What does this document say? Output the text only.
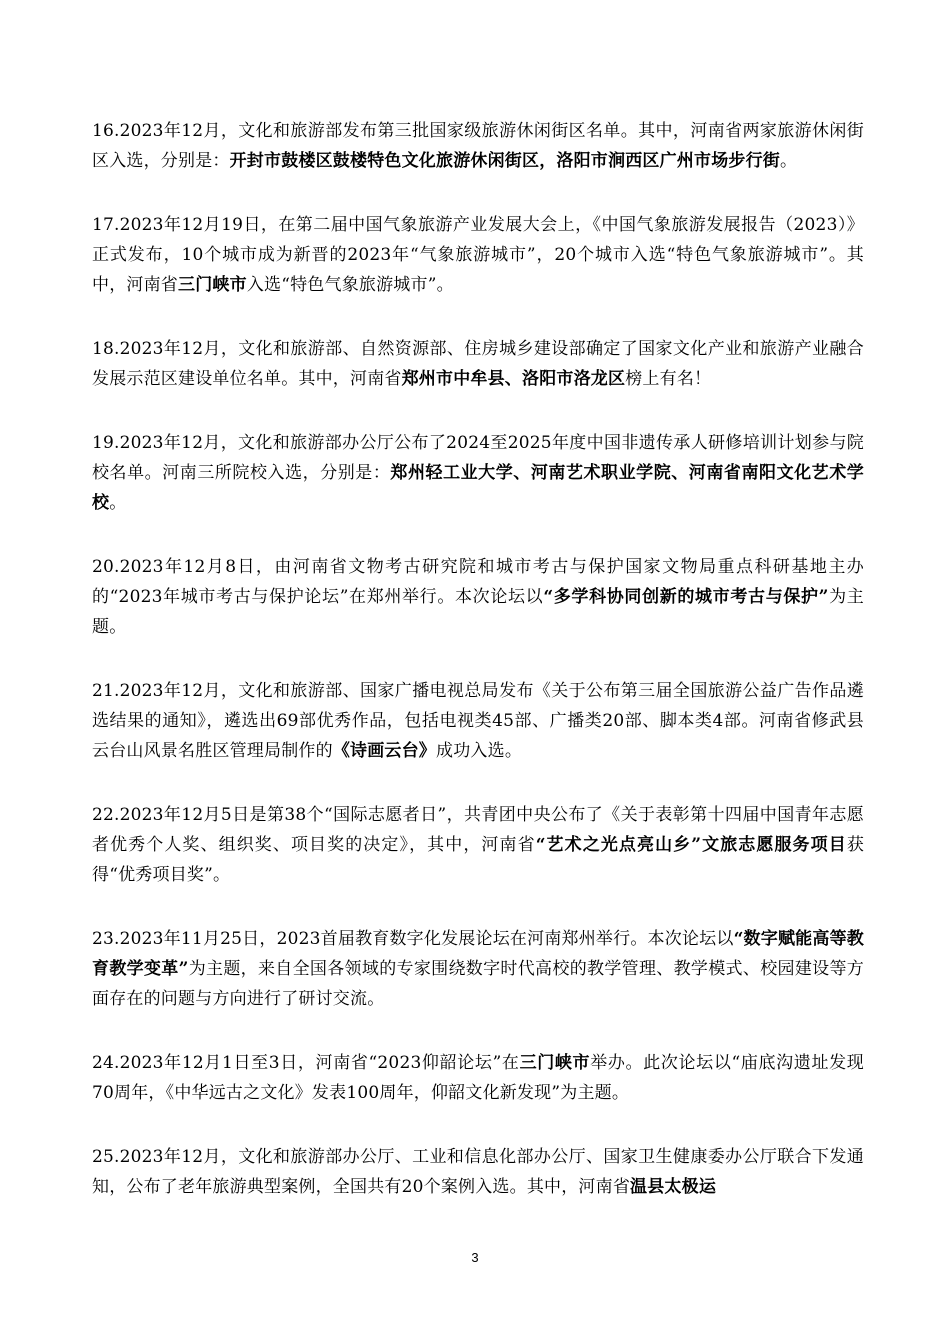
16.2023年12月，文化和旅游部发布第三批国家级旅游休闲街区名单。其中，河南省两家旅游休闲街区入选，分别是：开封市鼓楼区鼓楼特色文化旅游休闲街区，洛阳市涧西区广州市场步行街。

17.2023年12月19日，在第二届中国气象旅游产业发展大会上，《中国气象旅游发展报告（2023）》正式发布，10个城市成为新晋的2023年“气象旅游城市”，20个城市入选“特色气象旅游城市”。其中，河南省三门峡市入选“特色气象旅游城市”。

18.2023年12月，文化和旅游部、自然资源部、住房城乡建设部确定了国家文化产业和旅游产业融合发展示范区建设单位名单。其中，河南省郑州市中牟县、洛阳市洛龙区榜上有名！

19.2023年12月，文化和旅游部办公厅公布了2024至2025年度中国非遗传承人研修培训计划参与院校名单。河南三所院校入选，分别是：郑州轻工业大学、河南艺术职业学院、河南省南阳文化艺术学校。

20.2023年12月8日，由河南省文物考古研究院和城市考古与保护国家文物局重点科研基地主办的“2023年城市考古与保护论坛”在郑州举行。本次论坛以“多学科协同创新的城市考古与保护”为主题。

21.2023年12月，文化和旅游部、国家广播电视总局发布《关于公布第三届全国旅游公益广告作品遴选结果的通知》，遴选出69部优秀作品，包括电视类45部、广播类20部、脚本类4部。河南省修武县云台山风景名胜区管理局制作的《诗画云台》成功入选。

22.2023年12月5日是第38个“国际志愿者日”，共青团中央公布了《关于表彰第十四届中国青年志愿者优秀个人奖、组织奖、项目奖的决定》，其中，河南省“艺术之光点亮山乡”文旅志愿服务项目获得“优秀项目奖”。

23.2023年11月25日，2023首届教育数字化发展论坛在河南郑州举行。本次论坛以“数字赋能高等教育教学变革”为主题，来自全国各领域的专家围绕数字时代高校的教学管理、教学模式、校园建设等方面存在的问题与方向进行了研讨交流。

24.2023年12月1日至3日，河南省“2023仰韶论坛”在三门峡市举办。此次论坛以“庙底沟遗址发现70周年，《中华远古之文化》发表100周年，仰韶文化新发现”为主题。

25.2023年12月，文化和旅游部办公厅、工业和信息化部办公厅、国家卫生健康委办公厅联合下发通知，公布了老年旅游典型案例，全国共有20个案例入选。其中，河南省温县太极运

3
